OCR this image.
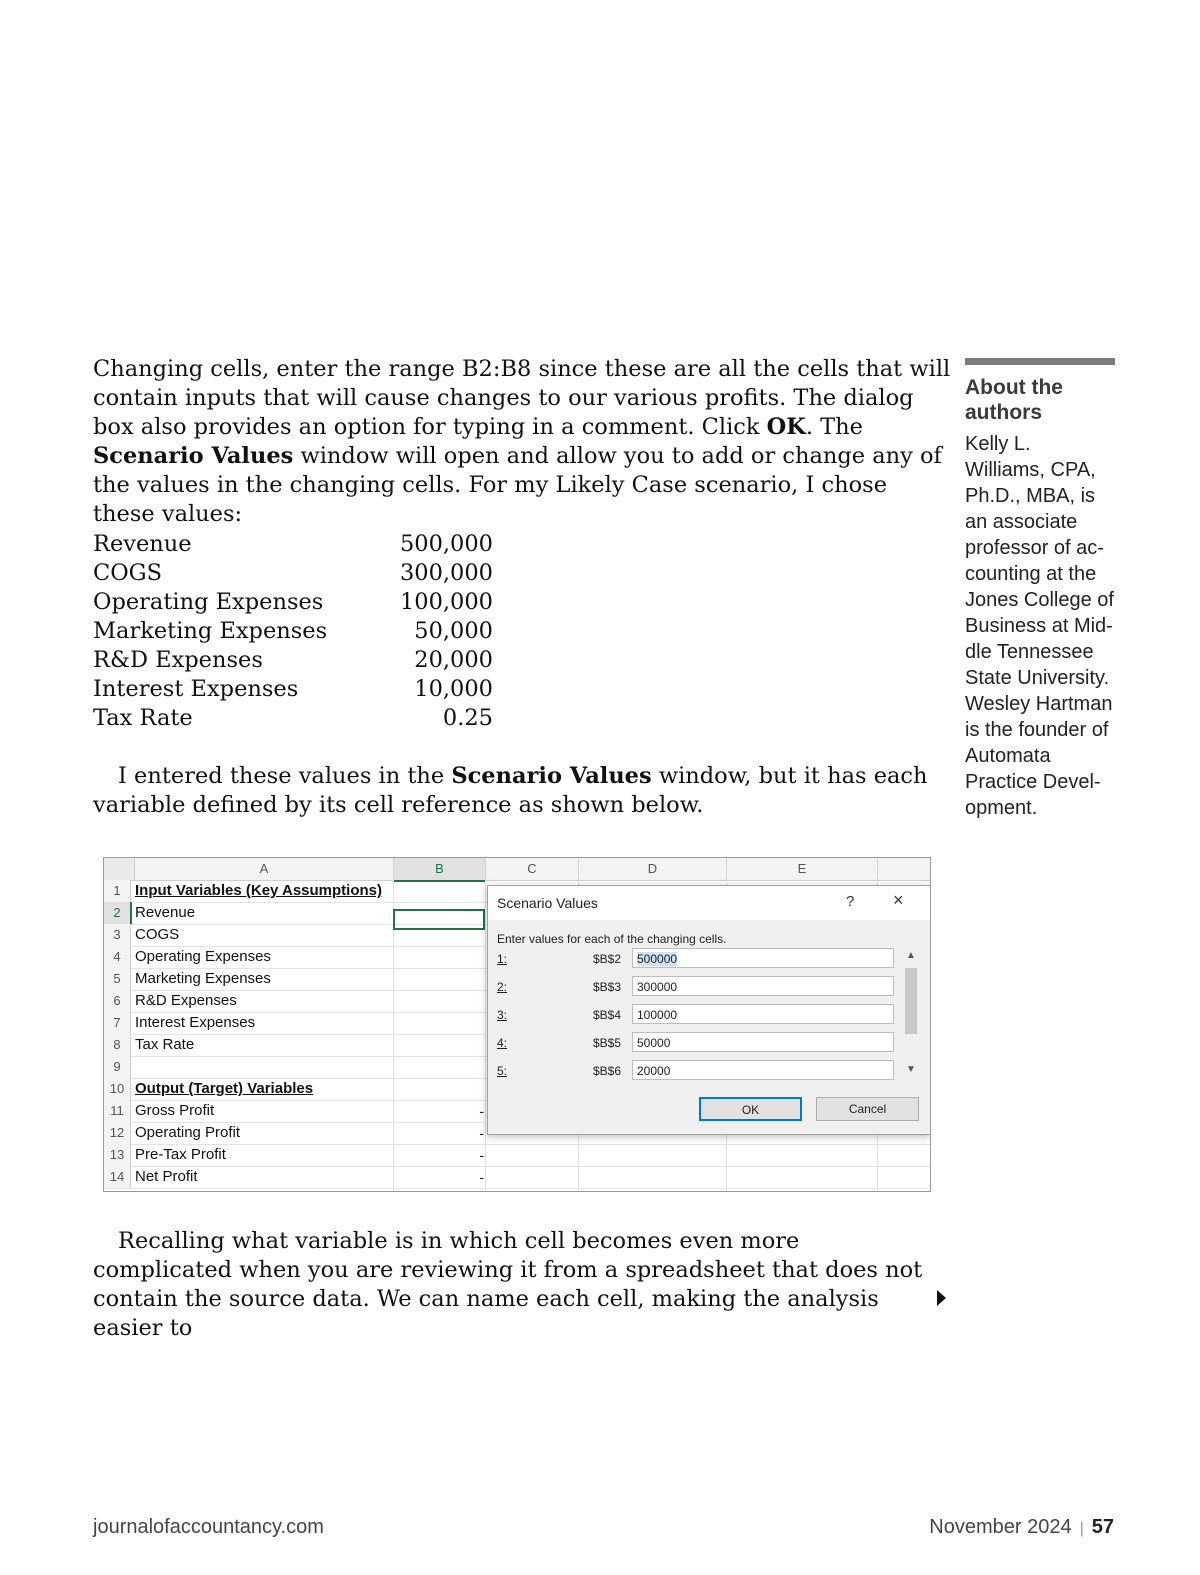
Changing cells, enter the range B2:B8 since these are all the cells that will contain inputs that will cause changes to our various profits. The dialog box also provides an option for typing in a comment. Click OK. The Scenario Values window will open and allow you to add or change any of the values in the changing cells. For my Likely Case scenario, I chose these values:
Revenue	500,000
COGS	300,000
Operating Expenses	100,000
Marketing Expenses	50,000
R&D Expenses	20,000
Interest Expenses	10,000
Tax Rate	0.25
I entered these values in the Scenario Values window, but it has each variable defined by its cell reference as shown below.
A	B	C	D	E
1 Input Variables (Key Assumptions)
2 Revenue
3 COGS
4 Operating Expenses
5 Marketing Expenses
6 R&D Expenses
7 Interest Expenses
8 Tax Rate
9
10 Output (Target) Variables
11 Gross Profit	-
12 Operating Profit	-
13 Pre-Tax Profit	-
14 Net Profit	-
Scenario Values	? ×
Enter values for each of the changing cells.
1:	$B$2	500000
2:	$B$3	300000
3:	$B$4	100000
4:	$B$5	50000
5:	$B$6	20000
▲
▼
OK	Cancel
Recalling what variable is in which cell becomes even more complicated when you are reviewing it from a spreadsheet that does not contain the source data. We can name each cell, making the analysis easier to
About the authors
Kelly L. Williams, CPA, Ph.D., MBA, is an associate professor of ac-counting at the Jones College of Business at Mid-dle Tennessee State University. Wesley Hartman is the founder of Automata Practice Devel-opment.
journalofaccountancy.com	November 2024 | 57
